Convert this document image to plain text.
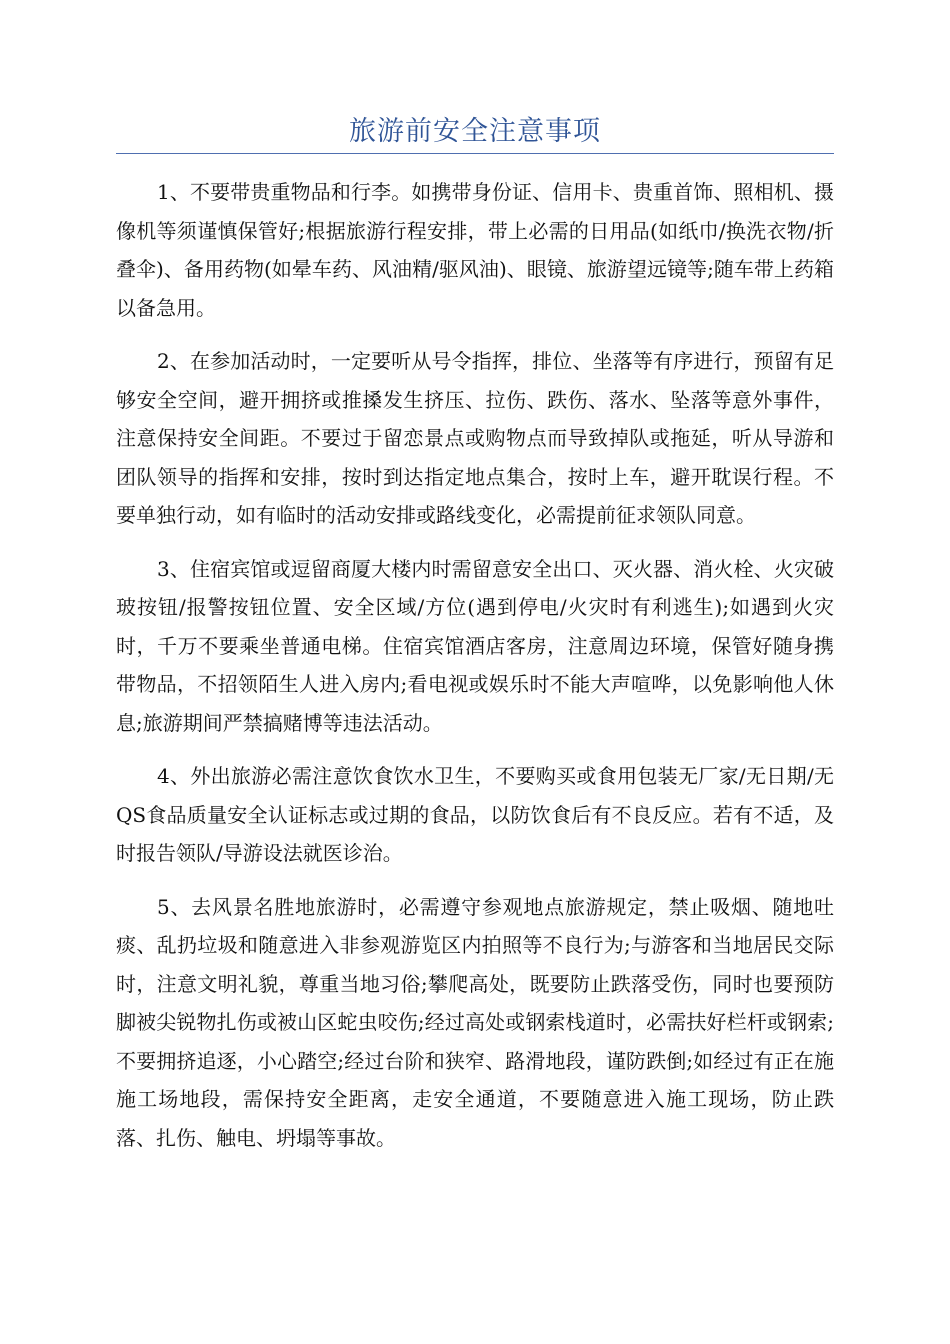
旅游前安全注意事项

1、不要带贵重物品和行李。如携带身份证、信用卡、贵重首饰、照相机、摄像机等须谨慎保管好;根据旅游行程安排，带上必需的日用品(如纸巾/换洗衣物/折叠伞)、备用药物(如晕车药、风油精/驱风油)、眼镜、旅游望远镜等;随车带上药箱以备急用。

2、在参加活动时，一定要听从号令指挥，排位、坐落等有序进行，预留有足够安全空间，避开拥挤或推搡发生挤压、拉伤、跌伤、落水、坠落等意外事件，注意保持安全间距。不要过于留恋景点或购物点而导致掉队或拖延，听从导游和团队领导的指挥和安排，按时到达指定地点集合，按时上车，避开耽误行程。不要单独行动，如有临时的活动安排或路线变化，必需提前征求领队同意。

3、住宿宾馆或逗留商厦大楼内时需留意安全出口、灭火器、消火栓、火灾破玻按钮/报警按钮位置、安全区域/方位(遇到停电/火灾时有利逃生);如遇到火灾时，千万不要乘坐普通电梯。住宿宾馆酒店客房，注意周边环境，保管好随身携带物品，不招领陌生人进入房内;看电视或娱乐时不能大声喧哗，以免影响他人休息;旅游期间严禁搞赌博等违法活动。

4、外出旅游必需注意饮食饮水卫生，不要购买或食用包装无厂家/无日期/无QS食品质量安全认证标志或过期的食品，以防饮食后有不良反应。若有不适，及时报告领队/导游设法就医诊治。

5、去风景名胜地旅游时，必需遵守参观地点旅游规定，禁止吸烟、随地吐痰、乱扔垃圾和随意进入非参观游览区内拍照等不良行为;与游客和当地居民交际时，注意文明礼貌，尊重当地习俗;攀爬高处，既要防止跌落受伤，同时也要预防脚被尖锐物扎伤或被山区蛇虫咬伤;经过高处或钢索栈道时，必需扶好栏杆或钢索;不要拥挤追逐，小心踏空;经过台阶和狭窄、路滑地段，谨防跌倒;如经过有正在施施工场地段，需保持安全距离，走安全通道，不要随意进入施工现场，防止跌落、扎伤、触电、坍塌等事故。
